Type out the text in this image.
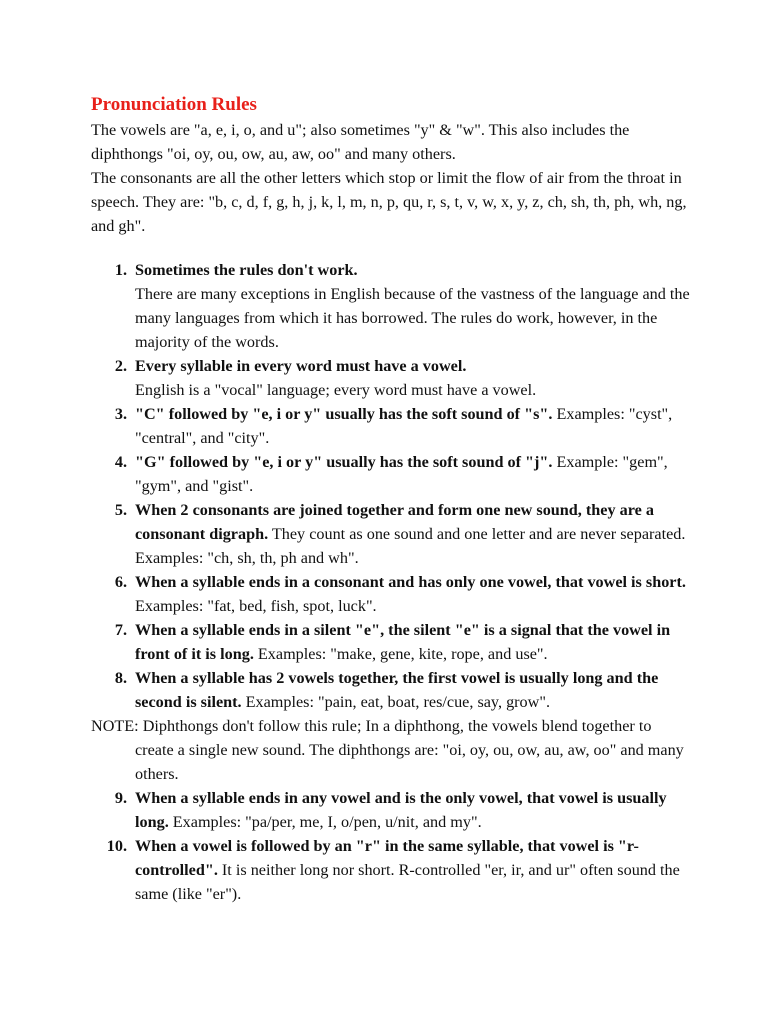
Pronunciation Rules

The vowels are "a, e, i, o, and u"; also sometimes "y" & "w". This also includes the diphthongs "oi, oy, ou, ow, au, aw, oo" and many others.

The consonants are all the other letters which stop or limit the flow of air from the throat in speech. They are: "b, c, d, f, g, h, j, k, l, m, n, p, qu, r, s, t, v, w, x, y, z, ch, sh, th, ph, wh, ng, and gh".

1. Sometimes the rules don't work.
There are many exceptions in English because of the vastness of the language and the many languages from which it has borrowed. The rules do work, however, in the majority of the words.
2. Every syllable in every word must have a vowel.
English is a "vocal" language; every word must have a vowel.
3. "C" followed by "e, i or y" usually has the soft sound of "s". Examples: "cyst", "central", and "city".
4. "G" followed by "e, i or y" usually has the soft sound of "j". Example: "gem", "gym", and "gist".
5. When 2 consonants are joined together and form one new sound, they are a consonant digraph. They count as one sound and one letter and are never separated. Examples: "ch, sh, th, ph and wh".
6. When a syllable ends in a consonant and has only one vowel, that vowel is short. Examples: "fat, bed, fish, spot, luck".
7. When a syllable ends in a silent "e", the silent "e" is a signal that the vowel in front of it is long. Examples: "make, gene, kite, rope, and use".
8. When a syllable has 2 vowels together, the first vowel is usually long and the second is silent. Examples: "pain, eat, boat, res/cue, say, grow".
NOTE: Diphthongs don't follow this rule; In a diphthong, the vowels blend together to create a single new sound. The diphthongs are: "oi, oy, ou, ow, au, aw, oo" and many others.
9. When a syllable ends in any vowel and is the only vowel, that vowel is usually long. Examples: "pa/per, me, I, o/pen, u/nit, and my".
10. When a vowel is followed by an "r" in the same syllable, that vowel is "r-controlled". It is neither long nor short. R-controlled "er, ir, and ur" often sound the same (like "er").
